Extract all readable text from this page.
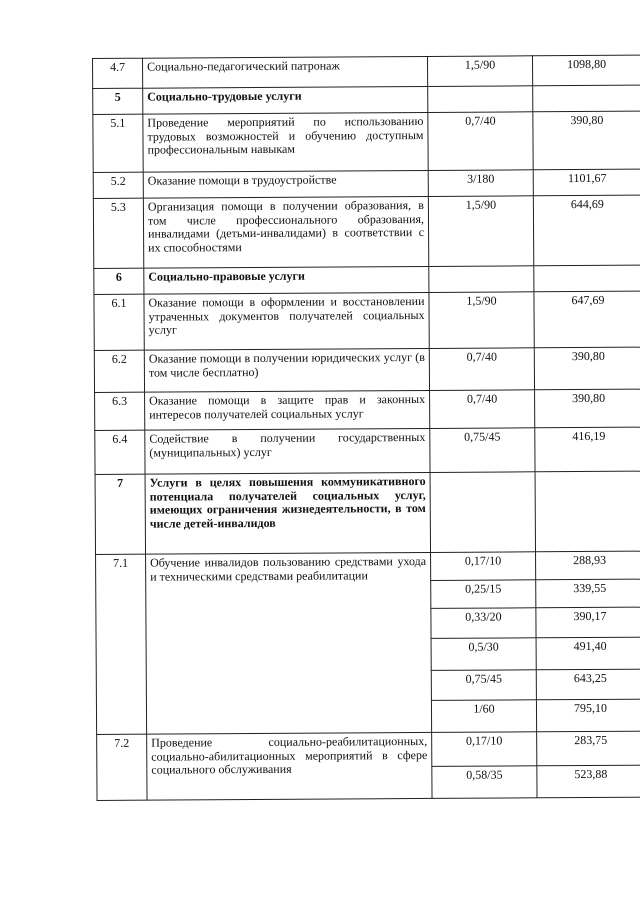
4.7	Социально-педагогический патронаж	1,5/90	1098,80
5	Социально-трудовые услуги		
5.1	Проведение мероприятий по использованию трудовых возможностей и обучению доступным профессиональным навыкам	0,7/40	390,80
5.2	Оказание помощи в трудоустройстве	3/180	1101,67
5.3	Организация помощи в получении образования, в том числе профессионального образования, инвалидами (детьми-инвалидами) в соответствии с их способностями	1,5/90	644,69
6	Социально-правовые услуги		
6.1	Оказание помощи в оформлении и восстановлении утраченных документов получателей социальных услуг	1,5/90	647,69
6.2	Оказание помощи в получении юридических услуг (в том числе бесплатно)	0,7/40	390,80
6.3	Оказание помощи в защите прав и законных интересов получателей социальных услуг	0,7/40	390,80
6.4	Содействие в получении государственных (муниципальных) услуг	0,75/45	416,19
7	Услуги в целях повышения коммуникативного потенциала получателей социальных услуг, имеющих ограничения жизнедеятельности, в том числе детей-инвалидов		
7.1	Обучение инвалидов пользованию средствами ухода и техническими средствами реабилитации	0,17/10	288,93
		0,25/15	339,55
		0,33/20	390,17
		0,5/30	491,40
		0,75/45	643,25
		1/60	795,10
7.2	Проведение социально-реабилитационных, социально-абилитационных мероприятий в сфере социального обслуживания	0,17/10	283,75
		0,58/35	523,88
